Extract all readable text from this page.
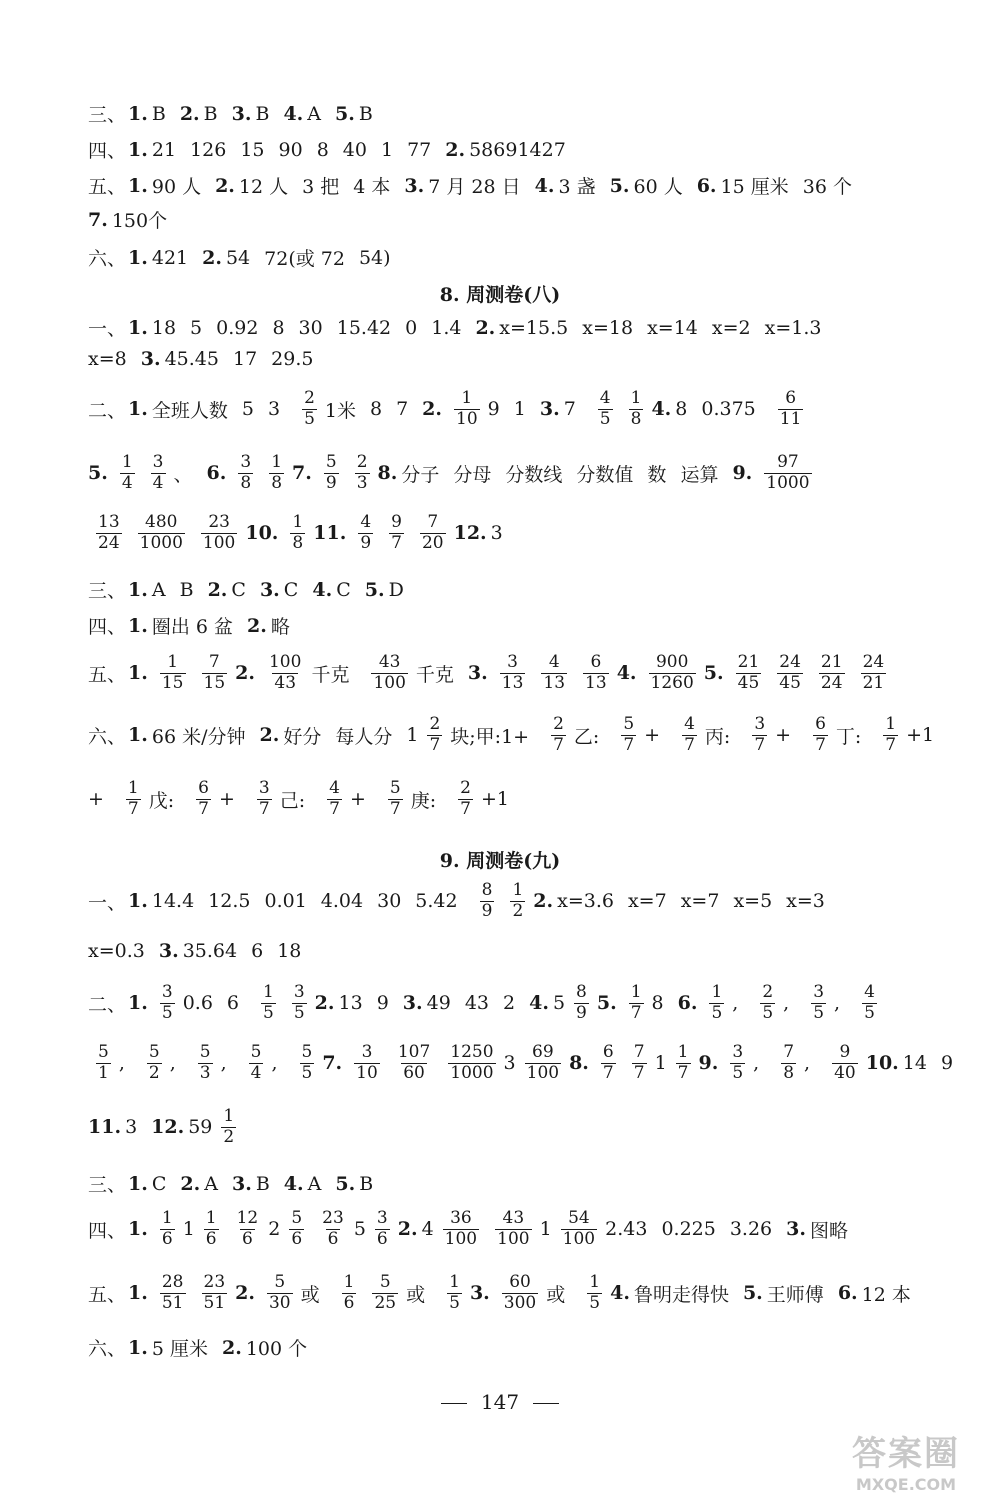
三、 1. B 2. B 3. B 4. A 5. B
四、 1. 21 126 15 90 8 40 1 77 2. 58691427
五、 1. 90 人 2. 12 人 3 把 4 本 3. 7 月 28 日 4. 3 盏 5. 60 人 6. 15 厘米 36 个
7. 150个
六、 1. 421 2. 54 72(或 72 54)
一、 1. 18 5 0.92 8 30 15.42 0 1.4 2. x=15.5 x=18 x=14 x=2 x=1.3
x=8 3. 45.45 17 29.5
二、 1. 全班人数 5 $3 \frac{2}{5} 1$米 8 7 2. $\frac{1}{10} 9$ 1 3. $7 \frac{4}{5} \frac{1}{8} 4$. 8 $0.375 \frac{6}{11}$
5. $\frac{1}{4} \frac{3}{4}$ 、 6. $\frac{3}{8} \frac{1}{8} 7$. $\frac{5}{9} \frac{2}{3} 8$. 分子 分母 分数线 分数值 数 运算 9. $\frac{97}{1000}$
$\frac{13}{24} \frac{480}{1000} \frac{23}{100} 10$. $\frac{1}{8} 11$. $\frac{4}{9} \frac{9}{7} \frac{7}{20} 12$. 3
三、 1. A B 2. C 3. C 4. C 5. D
四、 1. 圈出 6 盆 2. 略
五、 1. $\frac{1}{15} \frac{7}{15} 2$. $\frac{100}{43}$ 千克 $\frac{43}{100}$ 千克 3. $\frac{3}{13} \frac{4}{13} \frac{6}{13} 4$. $\frac{900}{1260} 5$. $\frac{21}{45} \frac{24}{45} \frac{21}{24} \frac{24}{21}$
六、 1. 66 米/分钟 2. 好分 每人分 $1 \frac{2}{7}$ 块;甲:1+ $\frac{2}{7}$ 乙: $\frac{5}{7} + \frac{4}{7}$ 丙: $\frac{3}{7} + \frac{6}{7}$ 丁: $\frac{1}{7} +1$
+ $\frac{1}{7}$ 戊: $\frac{6}{7} + \frac{3}{7}$ 己: $\frac{4}{7} + \frac{5}{7}$ 庚: $\frac{2}{7} +1$
一、 1. 14.4 12.5 0.01 4.04 30 $5.42 \frac{8}{9} \frac{1}{2} 2$. x=3.6 x=7 x=7 x=5 x=3
x=0.3 3. 35.64 6 18
二、 1. $\frac{3}{5} 0.6$ $6 \frac{1}{5} \frac{3}{5} 2$. 13 9 3. 49 43 2 4. $5 \frac{8}{9} 5$. $\frac{1}{7} 8$ 6. $\frac{1}{5}$ , $\frac{2}{5}$ , $\frac{3}{5}$ , $\frac{4}{5}$
$\frac{5}{1}$ , $\frac{5}{2}$ , $\frac{5}{3}$ , $\frac{5}{4}$ , $\frac{5}{5} 7$. $\frac{3}{10} \frac{107}{60} \frac{1250}{1000} 3 \frac{69}{100} 8$. $\frac{6}{7} \frac{7}{7} 1 \frac{1}{7} 9$. $\frac{3}{5}$ , $\frac{7}{8}$ , $\frac{9}{40} 10$. 14 9
11. 3 12. $59 \frac{1}{2}$
三、 1. C 2. A 3. B 4. A 5. B
四、 1. $\frac{1}{6} 1 \frac{1}{6} \frac{12}{6} 2 \frac{5}{6} \frac{23}{6} 5 \frac{3}{6} 2$. $4 \frac{36}{100} \frac{43}{100} 1 \frac{54}{100} 2.43$ 0.225 3.26 3. 图略
五、 1. $\frac{28}{51} \frac{23}{51} 2$. $\frac{5}{30}$ 或 $\frac{1}{6} \frac{5}{25}$ 或 $\frac{1}{5} 3$. $\frac{60}{300}$ 或 $\frac{1}{5} 4$. 鲁明走得快 5. 王师傅 6. 12 本
六、 1. 5 厘米 2. 100 个
8. 周测卷(八)
9. 周测卷(九)
147
答案圈
MXQE.COM
